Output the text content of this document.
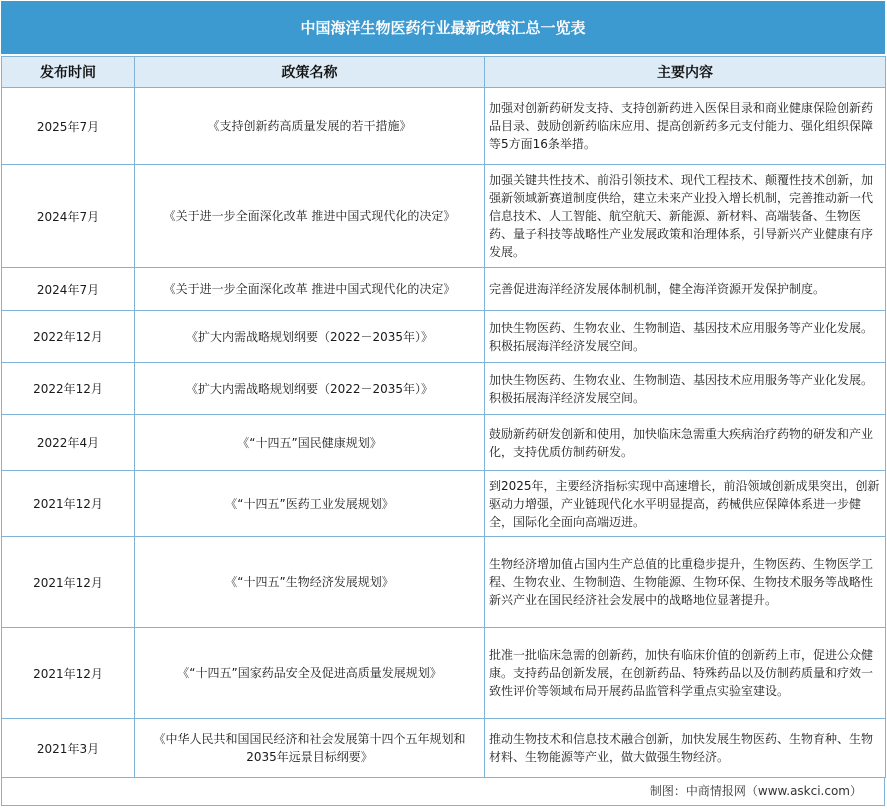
中国海洋生物医药行业最新政策汇总一览表
发布时间	政策名称	主要内容
2025年7月	《支持创新药高质量发展的若干措施》	加强对创新药研发支持、支持创新药进入医保目录和商业健康保险创新药品目录、鼓励创新药临床应用、提高创新药多元支付能力、强化组织保障等5方面16条举措。
2024年7月	《关于进一步全面深化改革 推进中国式现代化的决定》	加强关键共性技术、前沿引领技术、现代工程技术、颠覆性技术创新，加强新领域新赛道制度供给，建立未来产业投入增长机制，完善推动新一代信息技术、人工智能、航空航天、新能源、新材料、高端装备、生物医药、量子科技等战略性产业发展政策和治理体系，引导新兴产业健康有序发展。
2024年7月	《关于进一步全面深化改革 推进中国式现代化的决定》	完善促进海洋经济发展体制机制，健全海洋资源开发保护制度。
2022年12月	《扩大内需战略规划纲要（2022－2035年）》	加快生物医药、生物农业、生物制造、基因技术应用服务等产业化发展。积极拓展海洋经济发展空间。
2022年12月	《扩大内需战略规划纲要（2022－2035年）》	加快生物医药、生物农业、生物制造、基因技术应用服务等产业化发展。积极拓展海洋经济发展空间。
2022年4月	《“十四五”国民健康规划》	鼓励新药研发创新和使用，加快临床急需重大疾病治疗药物的研发和产业化，支持优质仿制药研发。
2021年12月	《“十四五”医药工业发展规划》	到2025年，主要经济指标实现中高速增长，前沿领域创新成果突出，创新驱动力增强，产业链现代化水平明显提高，药械供应保障体系进一步健全，国际化全面向高端迈进。
2021年12月	《“十四五”生物经济发展规划》	生物经济增加值占国内生产总值的比重稳步提升，生物医药、生物医学工程、生物农业、生物制造、生物能源、生物环保、生物技术服务等战略性新兴产业在国民经济社会发展中的战略地位显著提升。
2021年12月	《“十四五”国家药品安全及促进高质量发展规划》	批准一批临床急需的创新药，加快有临床价值的创新药上市，促进公众健康。支持药品创新发展，在创新药品、特殊药品以及仿制药质量和疗效一致性评价等领域布局开展药品监管科学重点实验室建设。
2021年3月	《中华人民共和国国民经济和社会发展第十四个五年规划和2035年远景目标纲要》	推动生物技术和信息技术融合创新，加快发展生物医药、生物育种、生物材料、生物能源等产业，做大做强生物经济。
制图：中商情报网（www.askci.com）
